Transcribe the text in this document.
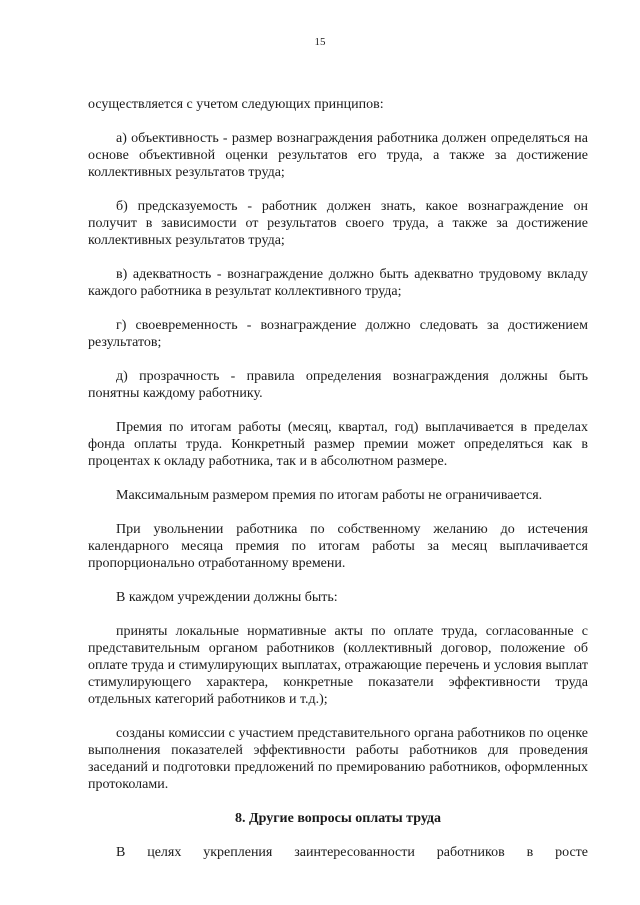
15

осуществляется с учетом следующих принципов:

а) объективность - размер вознаграждения работника должен определяться на основе объективной оценки результатов его труда, а также за достижение коллективных результатов труда;

б) предсказуемость - работник должен знать, какое вознаграждение он получит в зависимости от результатов своего труда, а также за достижение коллективных результатов труда;

в) адекватность - вознаграждение должно быть адекватно трудовому вкладу каждого работника в результат коллективного труда;

г) своевременность - вознаграждение должно следовать за достижением результатов;

д) прозрачность - правила определения вознаграждения должны быть понятны каждому работнику.

Премия по итогам работы (месяц, квартал, год) выплачивается в пределах фонда оплаты труда. Конкретный размер премии может определяться как в процентах к окладу работника, так и в абсолютном размере.

Максимальным размером премия по итогам работы не ограничивается.

При увольнении работника по собственному желанию до истечения календарного месяца премия по итогам работы за месяц выплачивается пропорционально отработанному времени.

В каждом учреждении должны быть:

приняты локальные нормативные акты по оплате труда, согласованные с представительным органом работников (коллективный договор, положение об оплате труда и стимулирующих выплатах, отражающие перечень и условия выплат стимулирующего характера, конкретные показатели эффективности труда отдельных категорий работников и т.д.);

созданы комиссии с участием представительного органа работников по оценке выполнения показателей эффективности работы работников для проведения заседаний и подготовки предложений по премированию работников, оформленных протоколами.

8. Другие вопросы оплаты труда

В целях укрепления заинтересованности работников в росте
